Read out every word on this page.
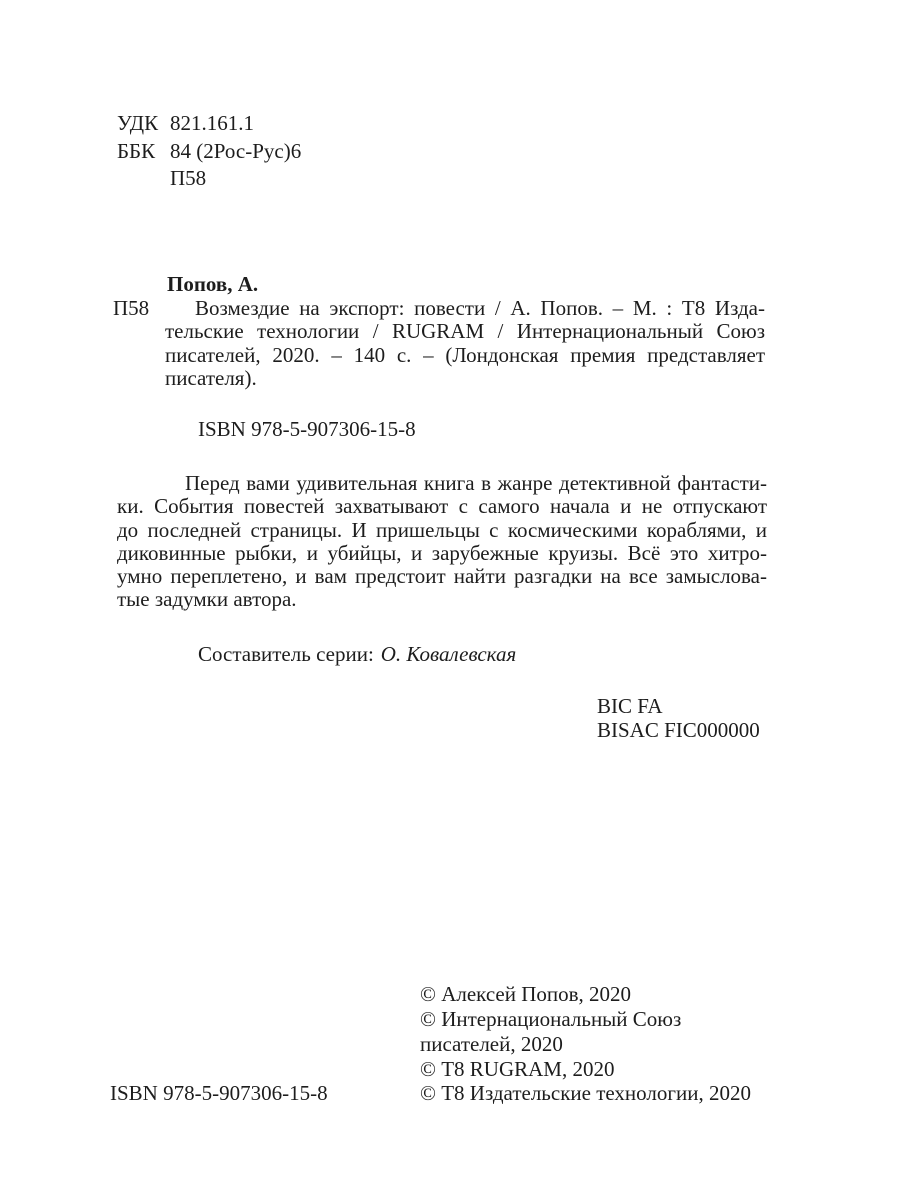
УДК 821.161.1
ББК 84 (2Рос-Рус)6
П58
Попов, А.
П58	Возмездие на экспорт: повести / А. Попов. – М. : Т8 Изда-
тельские технологии / RUGRAM / Интернациональный Союз
писателей, 2020. – 140 с. – (Лондонская премия представляет
писателя).
ISBN 978-5-907306-15-8
Перед вами удивительная книга в жанре детективной фантасти-
ки. События повестей захватывают с самого начала и не отпускают
до последней страницы. И пришельцы с космическими кораблями, и
диковинные рыбки, и убийцы, и зарубежные круизы. Всё это хитро-
умно переплетено, и вам предстоит найти разгадки на все замыслова-
тые задумки автора.
Составитель серии: О. Ковалевская
BIC FA
BISAC FIC000000
© Алексей Попов, 2020
© Интернациональный Союз
писателей, 2020
© Т8 RUGRAM, 2020
© Т8 Издательские технологии, 2020
ISBN 978-5-907306-15-8
